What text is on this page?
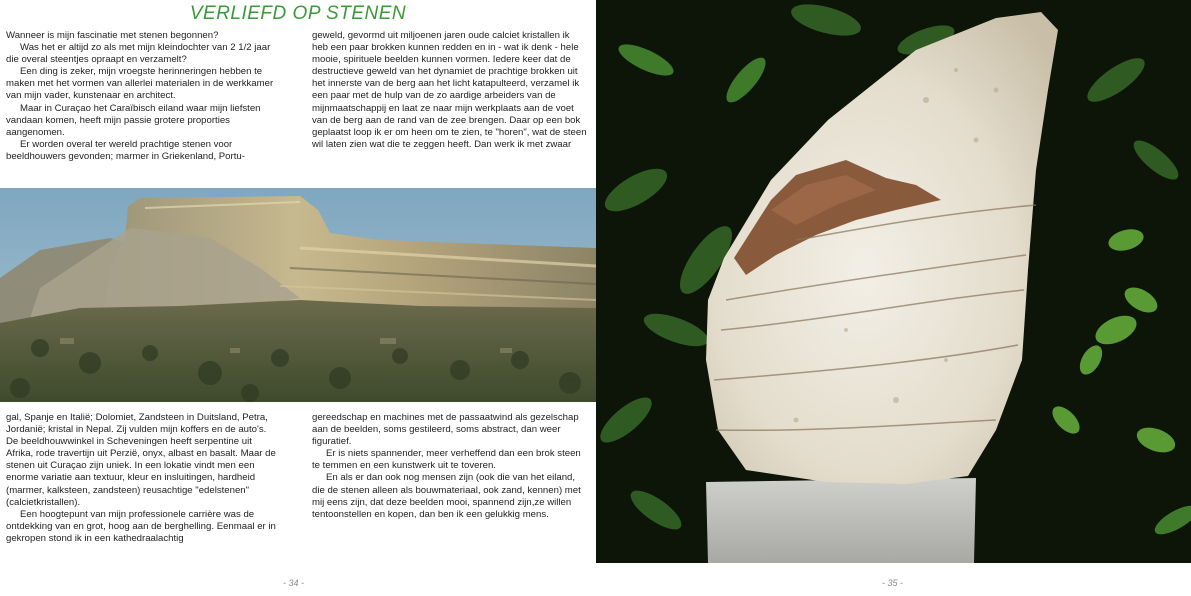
VERLIEFD OP STENEN

Wanneer is mijn fascinatie met stenen begonnen?

Was het er altijd zo als met mijn kleindochter van 2 1/2 jaar die overal steentjes opraapt en verzamelt?

Een ding is zeker, mijn vroegste herinneringen hebben te maken met het vormen van allerlei materialen in de werkkamer van mijn vader, kunstenaar en architect.

Maar in Curaçao het Caraïbisch eiland waar mijn liefsten vandaan komen, heeft mijn passie grotere proporties aangenomen.

Er worden overal ter wereld prachtige stenen voor beeldhouwers gevonden; marmer in Griekenland, Portu-

geweld, gevormd uit miljoenen jaren oude calciet kristallen ik heb een paar brokken kunnen redden en in - wat ik denk - hele mooie, spirituele beelden kunnen vormen. Iedere keer dat de destructieve geweld van het dynamiet de prachtige brokken uit het innerste van de berg aan het licht katapulteerd, verzamel ik een paar met de hulp van de zo aardige arbeiders van de mijnmaatschappij en laat ze naar mijn werkplaats aan de voet van de berg aan de rand van de zee brengen. Daar op een bok geplaatst loop ik er om heen om te zien, te "horen", wat de steen wil laten zien wat die te zeggen heeft. Dan werk ik met zwaar

gal, Spanje en Italië; Dolomiet, Zandsteen in Duitsland, Petra, Jordanië; kristal in Nepal. Zij vulden mijn koffers en de auto's. De beeldhouwwinkel in Scheveningen heeft serpentine uit Afrika, rode travertijn uit Perzië, onyx, albast en basalt. Maar de stenen uit Curaçao zijn uniek. In een lokatie vindt men een enorme variatie aan textuur, kleur en insluitingen, hardheid (marmer, kalksteen, zandsteen) reusachtige "edelstenen" (calcietkristallen).

Een hoogtepunt van mijn professionele carrière was de ontdekking van en grot, hoog aan de berghelling. Eenmaal er in gekropen stond ik in een kathedraalachtig

gereedschap en machines met de passaatwind als gezelschap aan de beelden, soms gestileerd, soms abstract, dan weer figuratief.

Er is niets spannender, meer verheffend dan een brok steen te temmen en een kunstwerk uit te toveren.

En als er dan ook nog mensen zijn (ook die van het eiland, die de stenen alleen als bouwmateriaal, ook zand, kennen) met mij eens zijn, dat deze beelden mooi, spannend zijn,ze willen tentoonstellen en kopen, dan ben ik een gelukkig mens.

- 34 -	- 35 -
